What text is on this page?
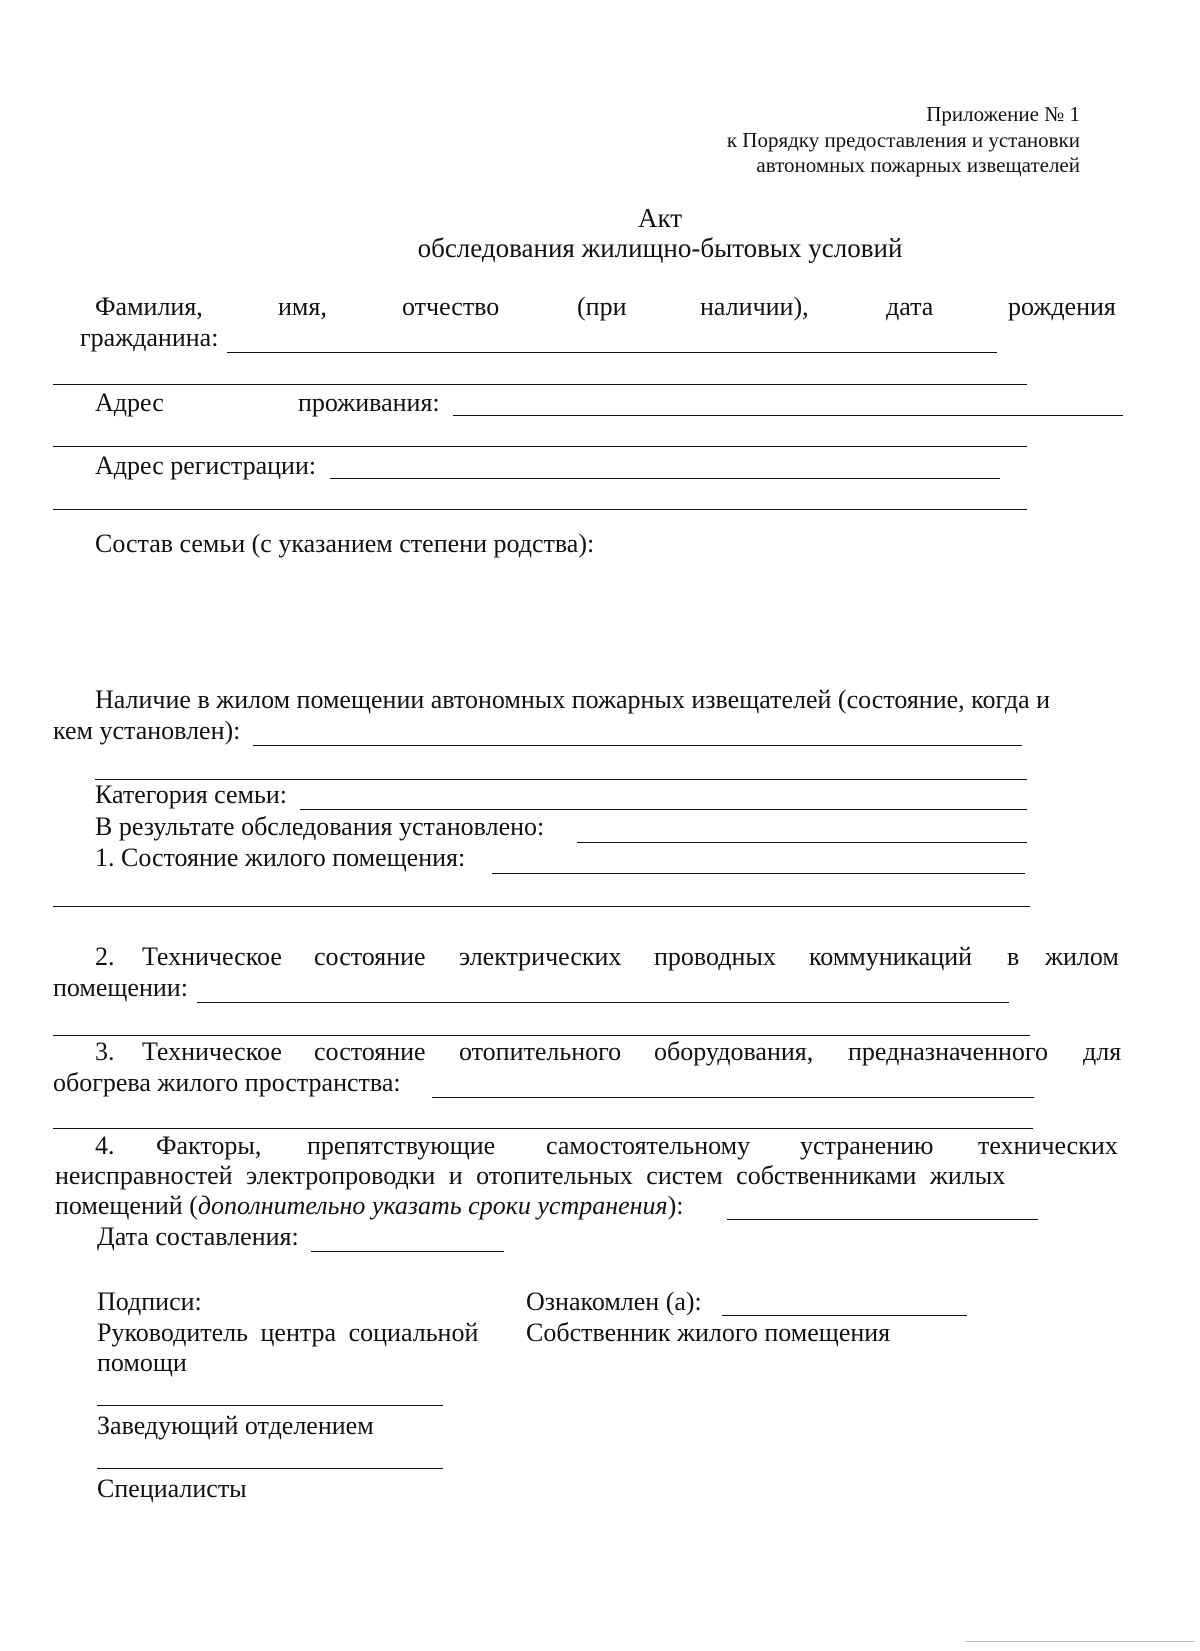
Приложение № 1
к Порядку предоставления и установки
автономных пожарных извещателей
Акт
обследования жилищно-бытовых условий
Фамилия,	имя,	отчество	(при	наличии),	дата	рождения
гражданина:
Адрес	проживания:
Адрес регистрации:
Состав семьи (с указанием степени родства):
Наличие в жилом помещении автономных пожарных извещателей (состояние, когда и
кем установлен):
Категория семьи:
В результате обследования установлено:
1. Состояние жилого помещения:
2. Техническое состояние электрических проводных коммуникаций в жилом
помещении:
3. Техническое состояние отопительного оборудования, предназначенного для
обогрева жилого пространства:
4. Факторы, препятствующие самостоятельному устранению технических
неисправностей электропроводки и отопительных систем собственниками жилых
помещений (дополнительно указать сроки устранения):
Дата составления:
Подписи:
Руководитель центра социальной
помощи
Ознакомлен (а):
Собственник жилого помещения
Заведующий отделением
Специалисты
